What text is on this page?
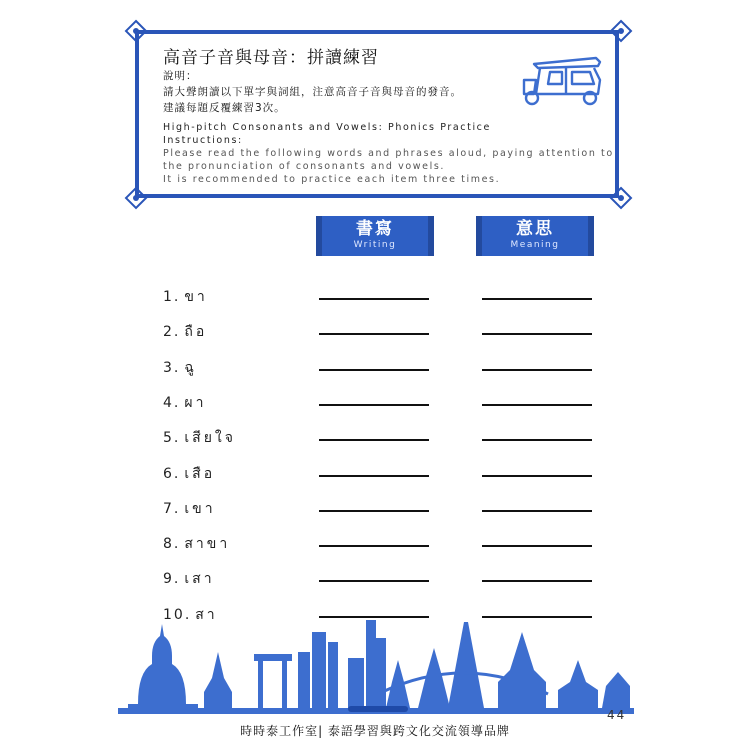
高音子音與母音：拼讀練習
說明：
請大聲朗讀以下單字與詞組，注意高音子音與母音的發音。
建議每題反覆練習3次。
High-pitch Consonants and Vowels: Phonics Practice
Instructions:
Please read the following words and phrases aloud, paying attention to
the pronunciation of consonants and vowels.
It is recommended to practice each item three times.
書寫
Writing
意思
Meaning
1. ขา
2. ถือ
3. ฉู
4. ผา
5. เสียใจ
6. เสือ
7. เขา
8. สาขา
9. เสา
10. สา
44
時時泰工作室| 泰語學習與跨文化交流領導品牌
